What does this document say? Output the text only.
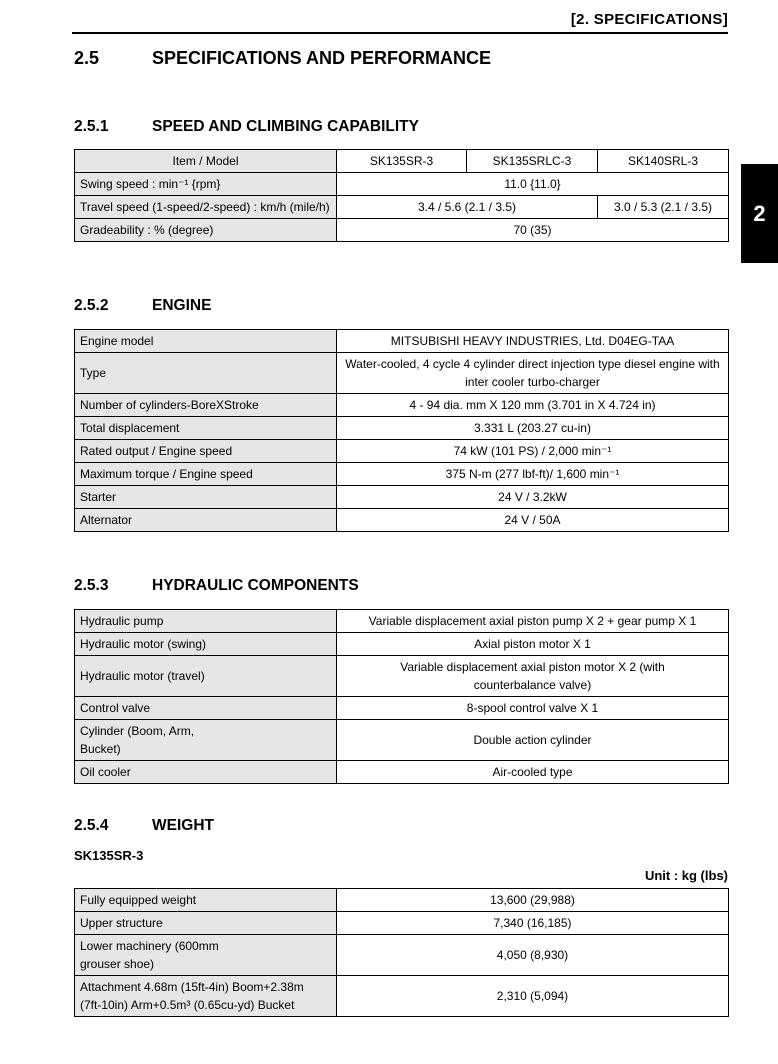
[2. SPECIFICATIONS]
2
2.5	SPECIFICATIONS AND PERFORMANCE
2.5.1	SPEED AND CLIMBING CAPABILITY
Item / Model	SK135SR-3	SK135SRLC-3	SK140SRL-3
Swing speed : min⁻¹ {rpm}	11.0 {11.0}		
Travel speed (1-speed/2-speed) : km/h (mile/h)	3.4 / 5.6 (2.1 / 3.5)		3.0 / 5.3 (2.1 / 3.5)
Gradeability : % (degree)	70 (35)		
2.5.2	ENGINE
Engine model	MITSUBISHI HEAVY INDUSTRIES, Ltd. D04EG-TAA
Type	Water-cooled, 4 cycle 4 cylinder direct injection type diesel engine with inter cooler turbo-charger
Number of cylinders-BoreXStroke	4 - 94 dia. mm X 120 mm (3.701 in X 4.724 in)
Total displacement	3.331 L (203.27 cu-in)
Rated output / Engine speed	74 kW (101 PS) / 2,000 min⁻¹
Maximum torque / Engine speed	375 N-m (277 lbf-ft)/ 1,600 min⁻¹
Starter	24 V / 3.2kW
Alternator	24 V / 50A
2.5.3	HYDRAULIC COMPONENTS
Hydraulic pump	Variable displacement axial piston pump X 2 + gear pump X 1
Hydraulic motor (swing)	Axial piston motor X 1
Hydraulic motor (travel)	Variable displacement axial piston motor X 2 (with counterbalance valve)
Control valve	8-spool control valve X 1
Cylinder (Boom, Arm, Bucket)	Double action cylinder
Oil cooler	Air-cooled type
2.5.4	WEIGHT
SK135SR-3
Unit : kg (lbs)
Fully equipped weight	13,600 (29,988)
Upper structure	7,340 (16,185)
Lower machinery (600mm grouser shoe)	4,050 (8,930)
Attachment 4.68m (15ft-4in) Boom+2.38m (7ft-10in) Arm+0.5m³ (0.65cu-yd) Bucket	2,310 (5,094)
